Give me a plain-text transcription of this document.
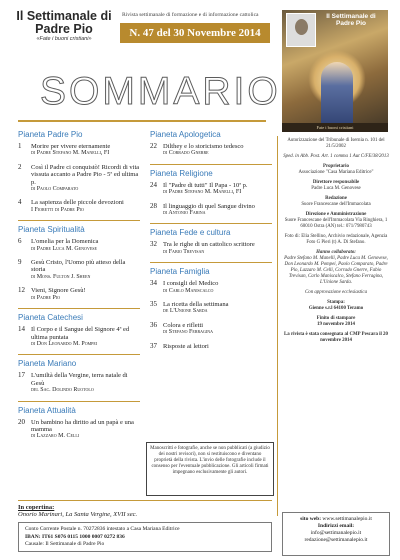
Il Settimanale di Padre Pio
«Fate i buoni cristiani»
Rivista settimanale di formazione e di informazione cattolica
N. 47 del 30 Novembre 2014
Il Settimanale di Padre Pio
Fate i buoni cristiani
SOMMARIO
Pianeta Padre Pio
1	Morire per vivere eternamente
di Padre Stefano M. Manelli, FI
2	Così il Padre ci conquistò! Ricordi di vita vissuta accanto a Padre Pio - 5ª ed ultima p.
di Paolo Comparato
4	La sapienza delle piccole devozioni
I Fioretti di Padre Pio
Pianeta Spiritualità
6	L'omelia per la Domenica
di Padre Luca M. Genovese
9	Gesù Cristo, l'Uomo più atteso della storia
di Mons. Fulton J. Sheen
12 Vieni, Signore Gesù!
di Padre Pio
Pianeta Catechesi
14 Il Corpo e il Sangue del Signore 4ª ed ultima puntata
di Don Leonardo M. Pompei
Pianeta Mariano
17 L'umiltà della Vergine, terra natale di Gesù
del Sac. Dolindo Ruotolo
Pianeta Attualità
20 Un bambino ha diritto ad un papà e una mamma
di Lazzaro M. Celli
Pianeta Apologetica
22 Dilthey e lo storicismo tedesco
di Corrado Gnerre
Pianeta Religione
24 Il "Padre di tutti" Il Papa - 10ª p.
di Padre Stefano M. Manelli, FI
28 Il linguaggio di quel Sangue divino
di Antonio Farina
Pianeta Fede e cultura
32 Tra le righe di un cattolico scrittore
di Fabio Trevisan
Pianeta Famiglia
34 I consigli del Medico
di Carlo Maniscalco
35 La ricetta della settimana
de L'Unione Sarda
36 Colora e rifletti
di Stefano Ferragina
37 Risposte ai lettori
Manoscritti e fotografie, anche se non pubblicati (a giudizio dei nostri revisori), non si restituiscono e diventano proprietà della rivista. L'invio delle fotografie include il consenso per l'eventuale pubblicazione. Gli articoli firmati impegnano esclusivamente gli autori.
Autorizzazione del Tribunale di Isernia n. 101 del 21/5/2002
Sped. in Abb. Post. Art. 1 comma 1 Aut C/FE/38/2013
Proprietario
Associazione "Casa Mariana Editrice"
Direttore responsabile
Padre Luca M. Genovese
Redazione
Suore Francescane dell'Immacolata
Direzione e Amministrazione
Suore Francescane dell'Immacolata Via Ringhiera, 1 60010 Ostra (AN) tel.: 071/7980743
Foto di: Elia Stellino, Archivio redazionale, Agenzia Foto G Pieri (t) A. Di Stefano.
Hanno collaborato:
Padre Stefano M. Manelli, Padre Luca M. Genovese, Don Leonardo M. Pompei, Paolo Comparato, Padre Pio, Lazzaro M. Celli, Corrado Gnerre, Fabio Trevisan, Carlo Maniscalco, Stefano Ferragina, L'Unione Sarda.
Con approvazione ecclesiastica
Stampa:
Gienne s.r.l 64100 Teramo
Finito di stampare
19 novembre 2014
La rivista è stata consegnata al CMP Pescara il 20 novembre 2014
In copertina:
Onorio Marinari, La Santa Vergine, XVII sec.
Conto Corrente Postale n. 70272836 intestato a Casa Mariana Editrice
IBAN: IT61 S076 0115 1000 0007 0272 836
Causale: Il Settimanale di Padre Pio
sito web: www.settimanalepio.it
Indirizzi email:
info@settimanalepio.it
redazione@settimanalepio.it
